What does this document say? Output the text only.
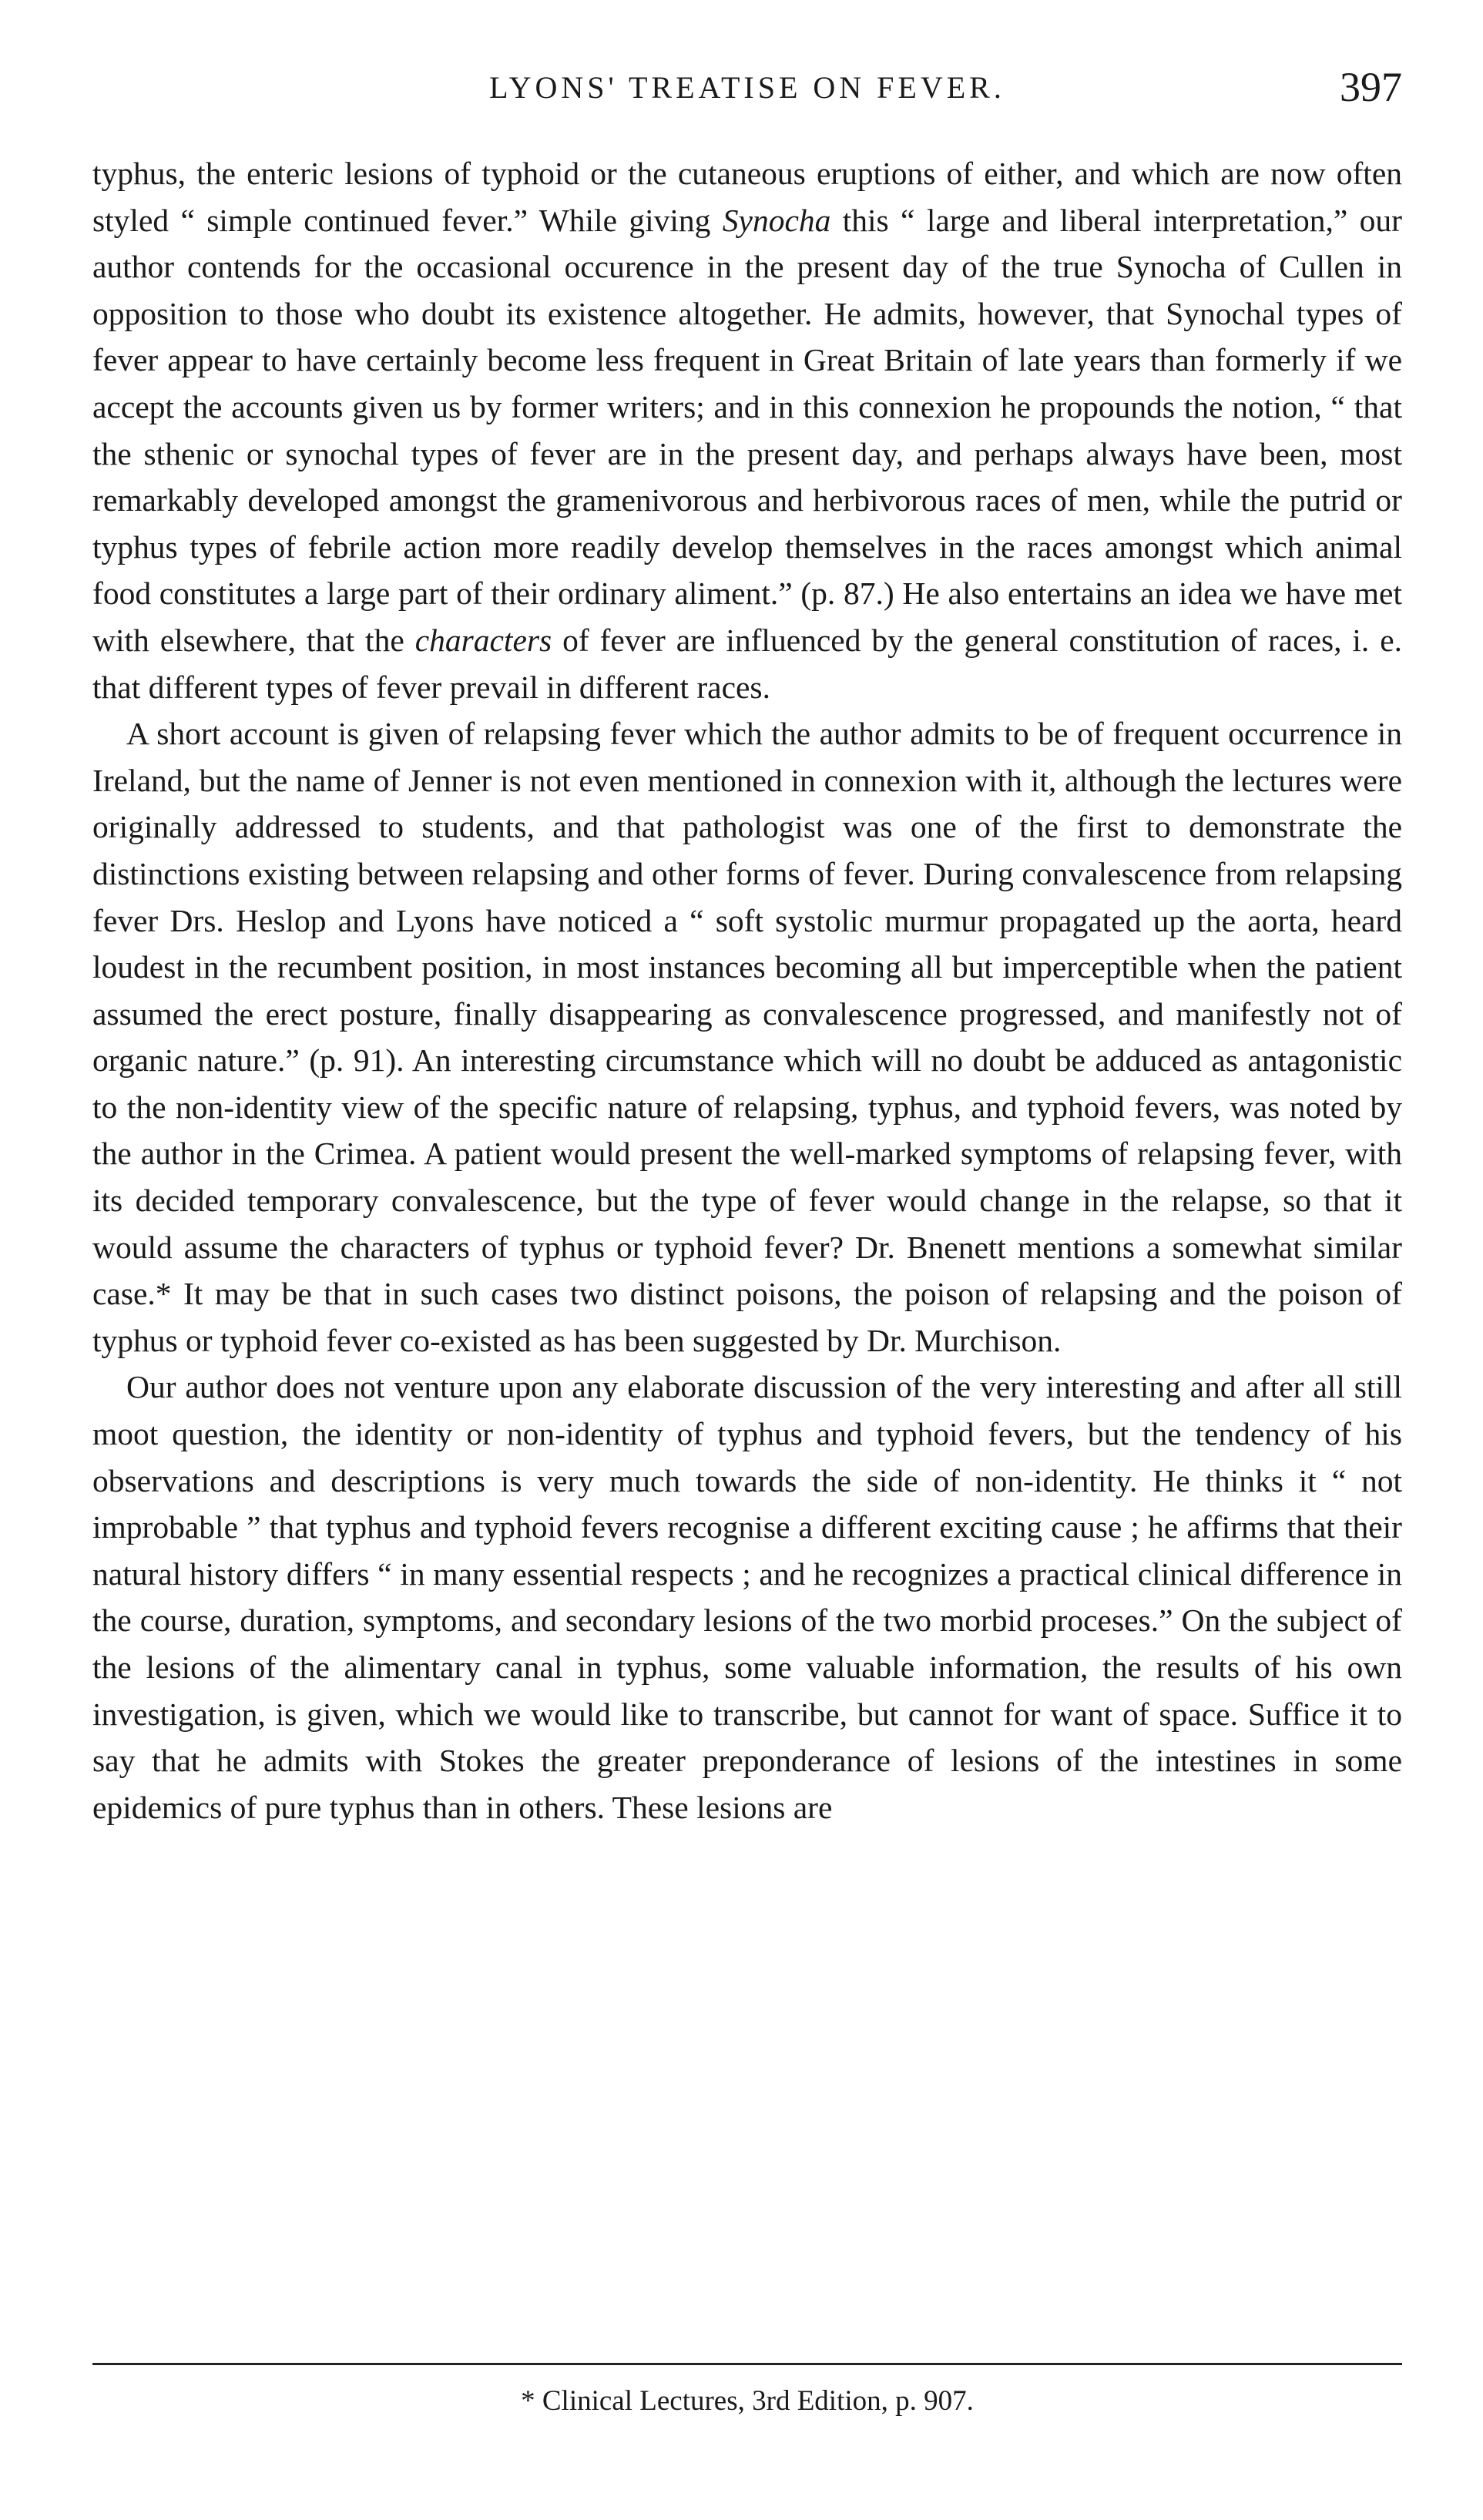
LYONS' TREATISE ON FEVER.	397

typhus, the enteric lesions of typhoid or the cutaneous eruptions of either, and which are now often styled “ simple continued fever.” While giving Synocha this “ large and liberal interpretation,” our author contends for the occasional occurence in the present day of the true Synocha of Cullen in opposition to those who doubt its existence altogether. He admits, however, that Synochal types of fever appear to have certainly become less frequent in Great Britain of late years than formerly if we accept the accounts given us by former writers; and in this connexion he propounds the notion, “ that the sthenic or synochal types of fever are in the present day, and perhaps always have been, most remarkably developed amongst the gramenivorous and herbivorous races of men, while the putrid or typhus types of febrile action more readily develop themselves in the races amongst which animal food constitutes a large part of their ordinary aliment.” (p. 87.) He also entertains an idea we have met with elsewhere, that the characters of fever are influenced by the general constitution of races, i. e. that different types of fever prevail in different races.

A short account is given of relapsing fever which the author admits to be of frequent occurrence in Ireland, but the name of Jenner is not even mentioned in connexion with it, although the lectures were originally addressed to students, and that pathologist was one of the first to demonstrate the distinctions existing between relapsing and other forms of fever. During convalescence from relapsing fever Drs. Heslop and Lyons have noticed a “ soft systolic murmur propagated up the aorta, heard loudest in the recumbent position, in most instances becoming all but imperceptible when the patient assumed the erect posture, finally disappearing as convalescence progressed, and manifestly not of organic nature.” (p. 91). An interesting circumstance which will no doubt be adduced as antagonistic to the non-identity view of the specific nature of relapsing, typhus, and typhoid fevers, was noted by the author in the Crimea. A patient would present the well-marked symptoms of relapsing fever, with its decided temporary convalescence, but the type of fever would change in the relapse, so that it would assume the characters of typhus or typhoid fever? Dr. Bnenett mentions a somewhat similar case.* It may be that in such cases two distinct poisons, the poison of relapsing and the poison of typhus or typhoid fever co-existed as has been suggested by Dr. Murchison.

Our author does not venture upon any elaborate discussion of the very interesting and after all still moot question, the identity or non-identity of typhus and typhoid fevers, but the tendency of his observations and descriptions is very much towards the side of non-identity. He thinks it “ not improbable ” that typhus and typhoid fevers recognise a different exciting cause ; he affirms that their natural history differs “ in many essential respects ; and he recognizes a practical clinical difference in the course, duration, symptoms, and secondary lesions of the two morbid proceses.” On the subject of the lesions of the alimentary canal in typhus, some valuable information, the results of his own investigation, is given, which we would like to transcribe, but cannot for want of space. Suffice it to say that he admits with Stokes the greater preponderance of lesions of the intestines in some epidemics of pure typhus than in others. These lesions are

* Clinical Lectures, 3rd Edition, p. 907.
